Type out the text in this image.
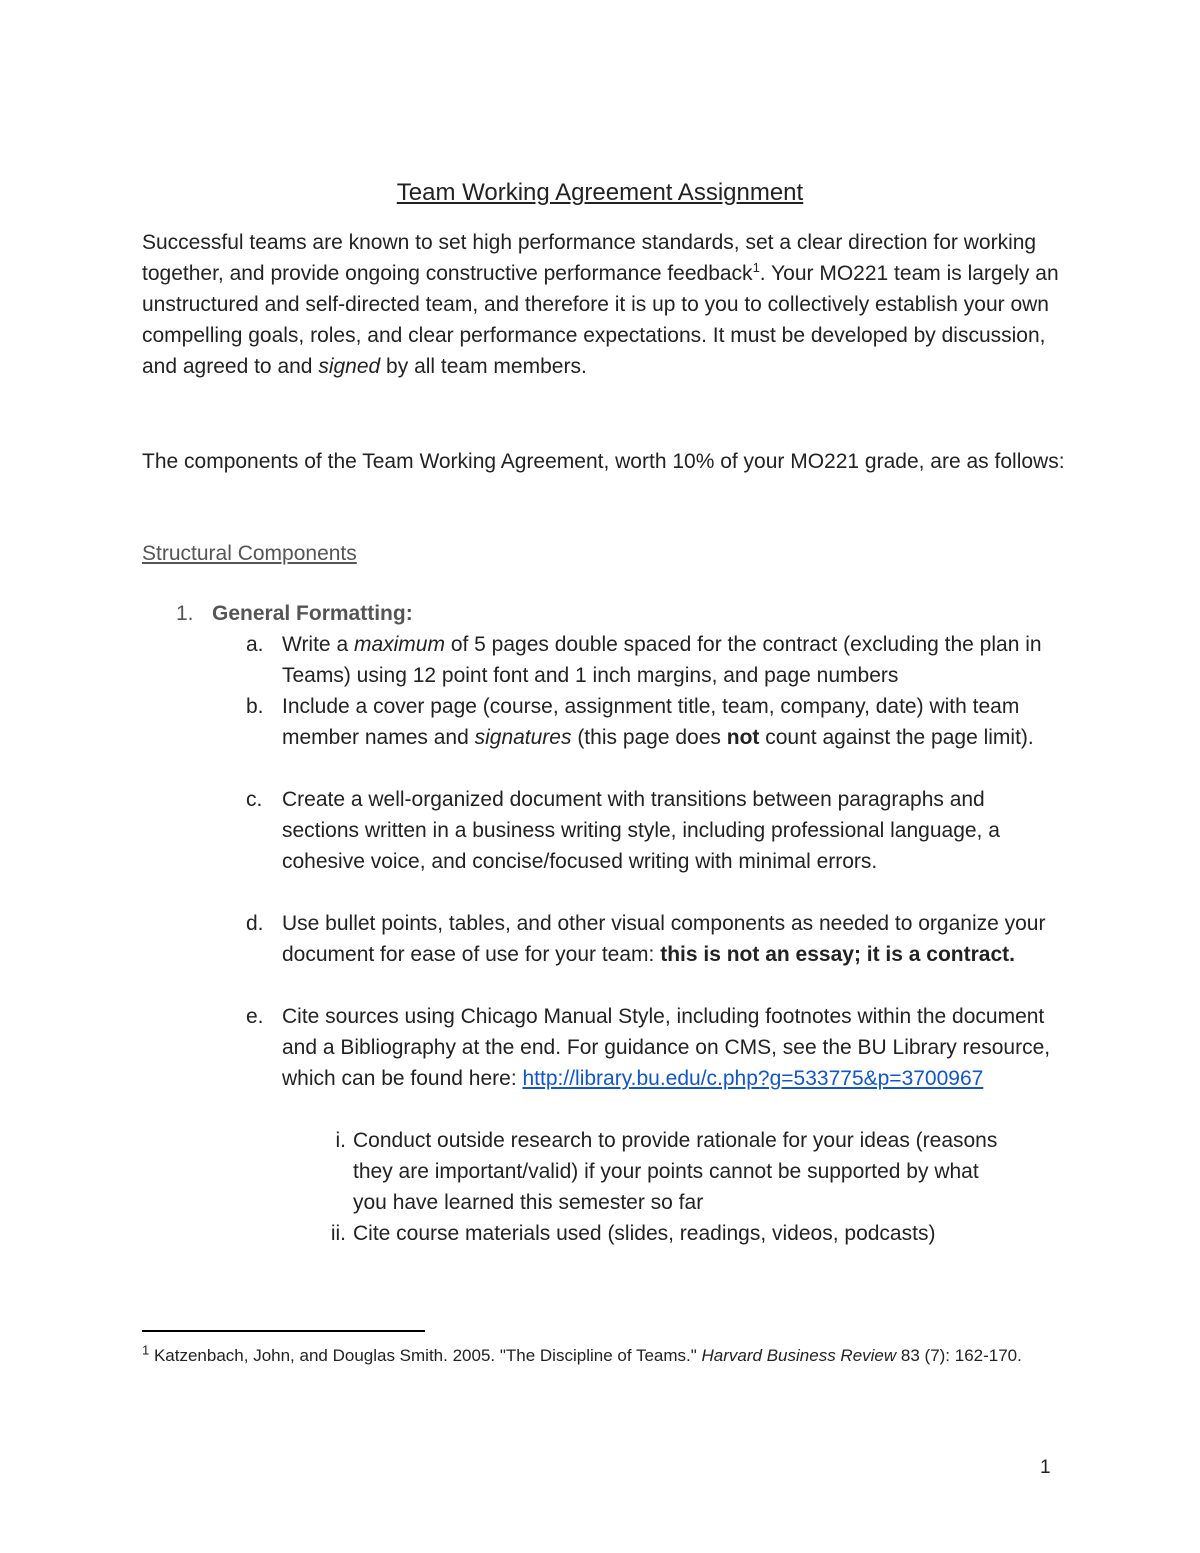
Team Working Agreement Assignment
Successful teams are known to set high performance standards, set a clear direction for working together, and provide ongoing constructive performance feedback$^1$. Your MO221 team is largely an unstructured and self-directed team, and therefore it is up to you to collectively establish your own compelling goals, roles, and clear performance expectations. It must be developed by discussion, and agreed to and signed by all team members.
The components of the Team Working Agreement, worth 10% of your MO221 grade, are as follows:
Structural Components
1. General Formatting:
a. Write a maximum of 5 pages double spaced for the contract (excluding the plan in Teams) using 12 point font and 1 inch margins, and page numbers
b. Include a cover page (course, assignment title, team, company, date) with team member names and signatures (this page does not count against the page limit).
c. Create a well-organized document with transitions between paragraphs and sections written in a business writing style, including professional language, a cohesive voice, and concise/focused writing with minimal errors.
d. Use bullet points, tables, and other visual components as needed to organize your document for ease of use for your team: this is not an essay; it is a contract.
e. Cite sources using Chicago Manual Style, including footnotes within the document and a Bibliography at the end. For guidance on CMS, see the BU Library resource, which can be found here: http://library.bu.edu/c.php?g=533775&p=3700967
i. Conduct outside research to provide rationale for your ideas (reasons they are important/valid) if your points cannot be supported by what you have learned this semester so far
ii. Cite course materials used (slides, readings, videos, podcasts)
$^1$ Katzenbach, John, and Douglas Smith. 2005. "The Discipline of Teams." Harvard Business Review 83 (7): 162-170.
1
